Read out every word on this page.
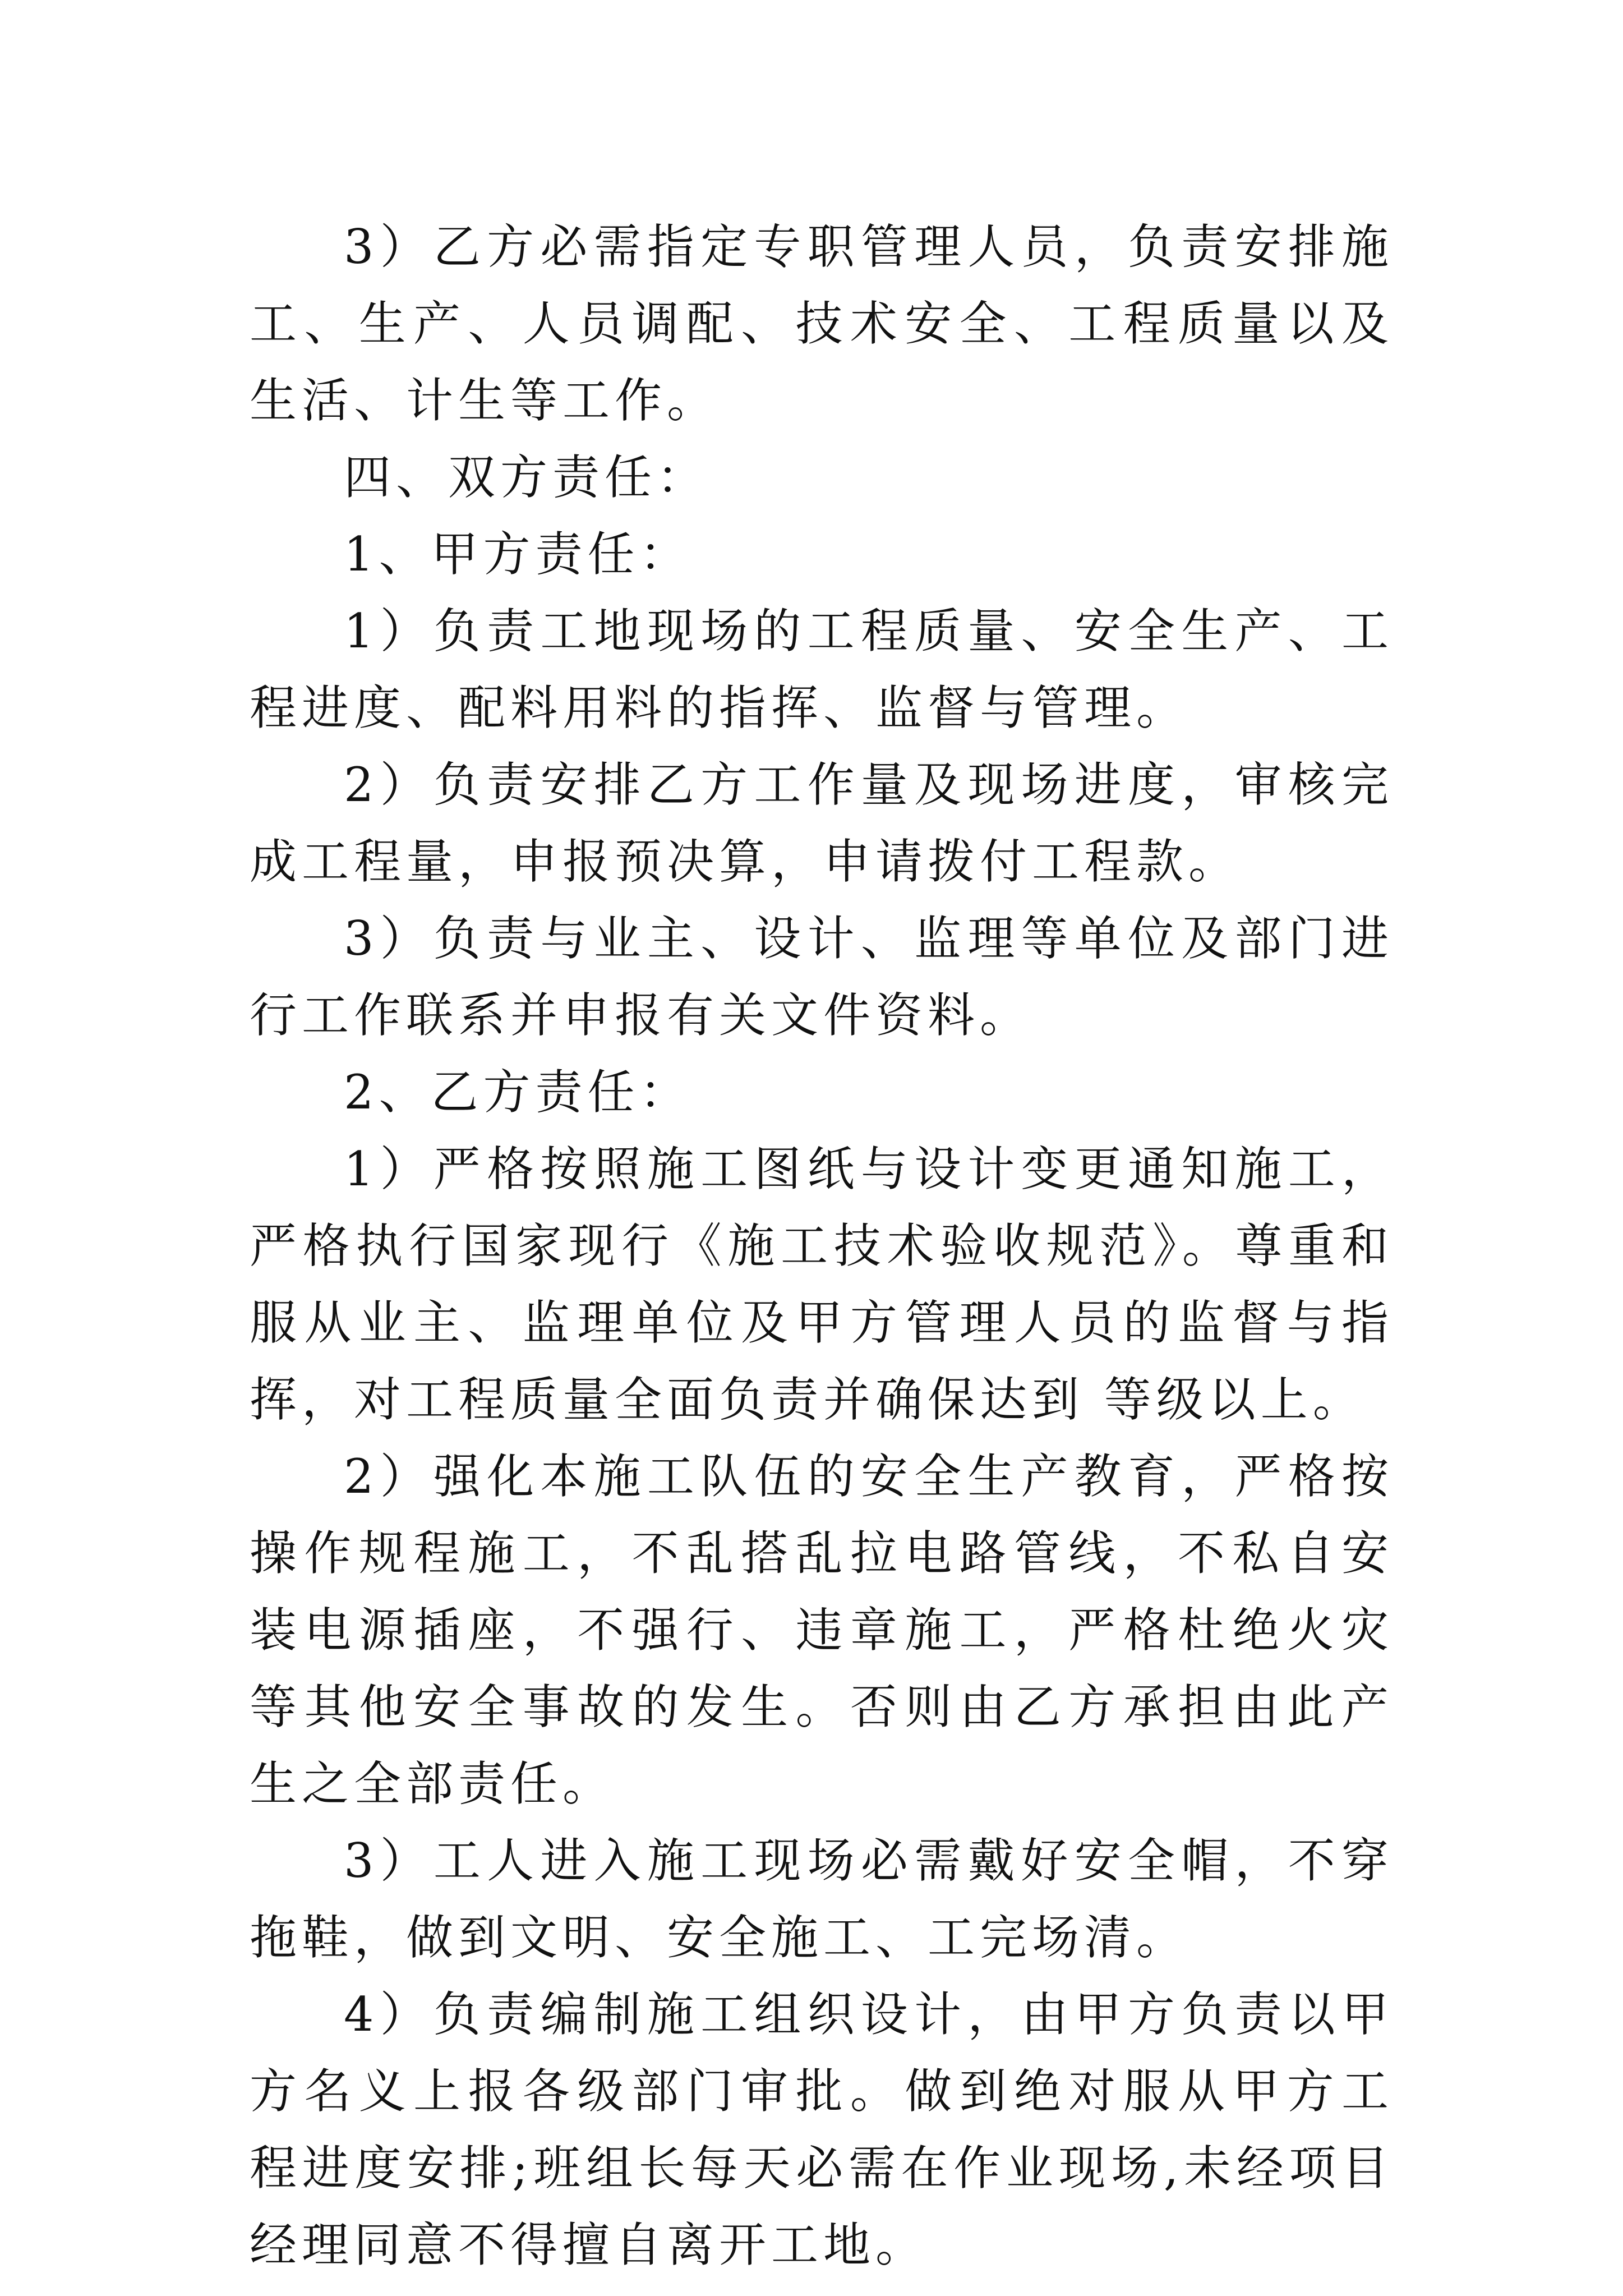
3）乙方必需指定专职管理人员，负责安排施工、生产、人员调配、技术安全、工程质量以及生活、计生等工作。

四、双方责任：

1、甲方责任：

1）负责工地现场的工程质量、安全生产、工程进度、配料用料的指挥、监督与管理。

2）负责安排乙方工作量及现场进度，审核完成工程量，申报预决算，申请拨付工程款。

3）负责与业主、设计、监理等单位及部门进行工作联系并申报有关文件资料。

2、乙方责任：

1）严格按照施工图纸与设计变更通知施工，严格执行国家现行《施工技术验收规范》。尊重和服从业主、监理单位及甲方管理人员的监督与指挥，对工程质量全面负责并确保达到 等级以上。

2）强化本施工队伍的安全生产教育，严格按操作规程施工，不乱搭乱拉电路管线，不私自安装电源插座，不强行、违章施工，严格杜绝火灾等其他安全事故的发生。否则由乙方承担由此产生之全部责任。

3）工人进入施工现场必需戴好安全帽，不穿拖鞋，做到文明、安全施工、工完场清。

4）负责编制施工组织设计，由甲方负责以甲方名义上报各级部门审批。做到绝对服从甲方工程进度安排;班组长每天必需在作业现场,未经项目经理同意不得擅自离开工地。
